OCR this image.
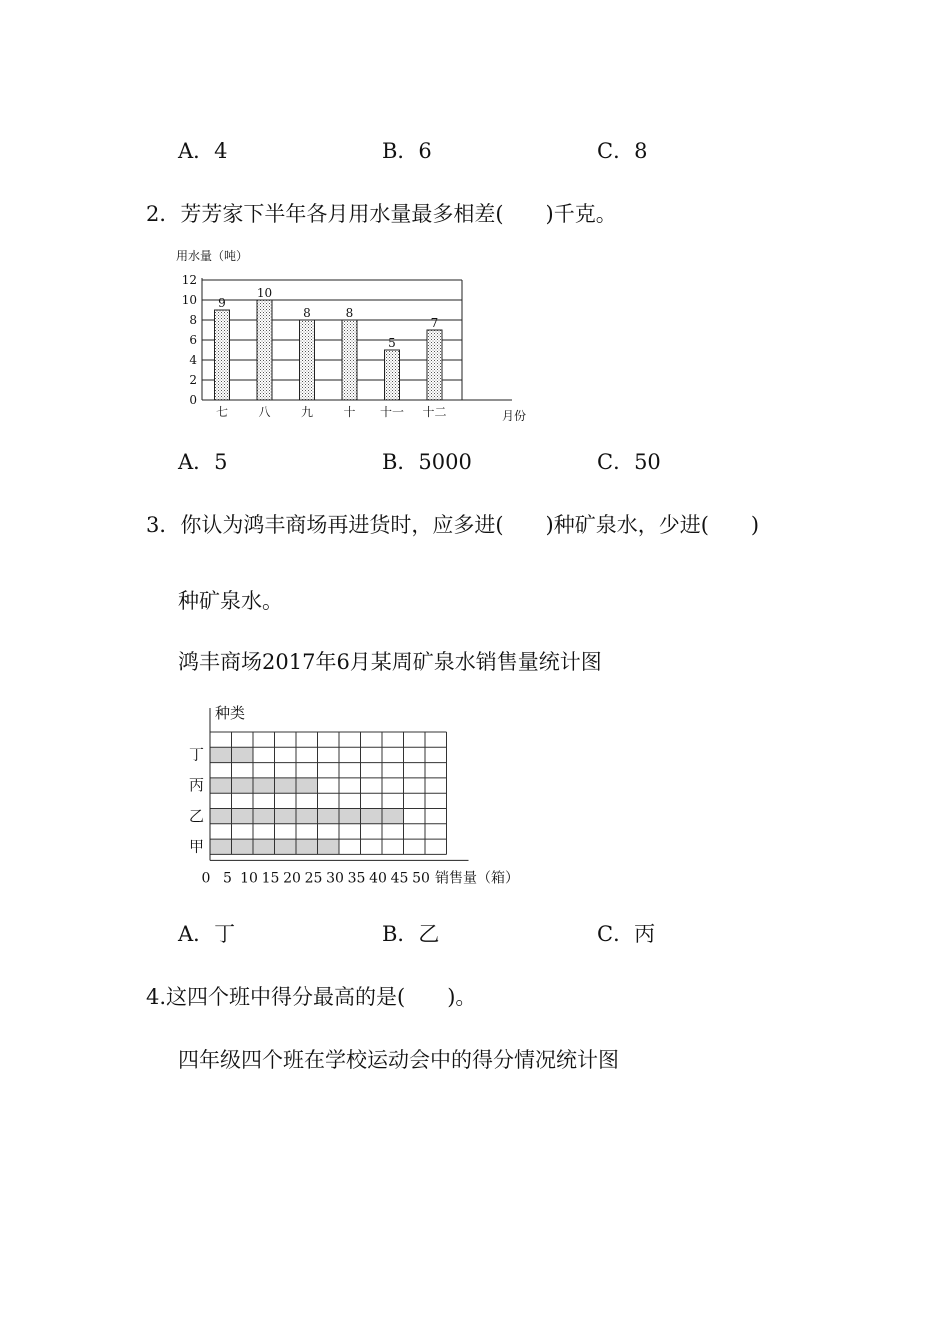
A．4	B．6	C．8
2．芳芳家下半年各月用水量最多相差(　　)千克。
用水量（吨）
0
2
4
6
8
10
12
9
七
10
八
8
九
8
十
5
十一
7
十二	月份
A．5	B．5000	C．50
3．你认为鸿丰商场再进货时，应多进(　　)种矿泉水，少进(　　)
种矿泉水。
鸿丰商场2017年6月某周矿泉水销售量统计图
种类
丁
丙
乙
甲
0 5 10 15 20 25 30 35 40 45 50 销售量（箱）
A．丁	B．乙	C．丙
4.这四个班中得分最高的是(　　)。
四年级四个班在学校运动会中的得分情况统计图
